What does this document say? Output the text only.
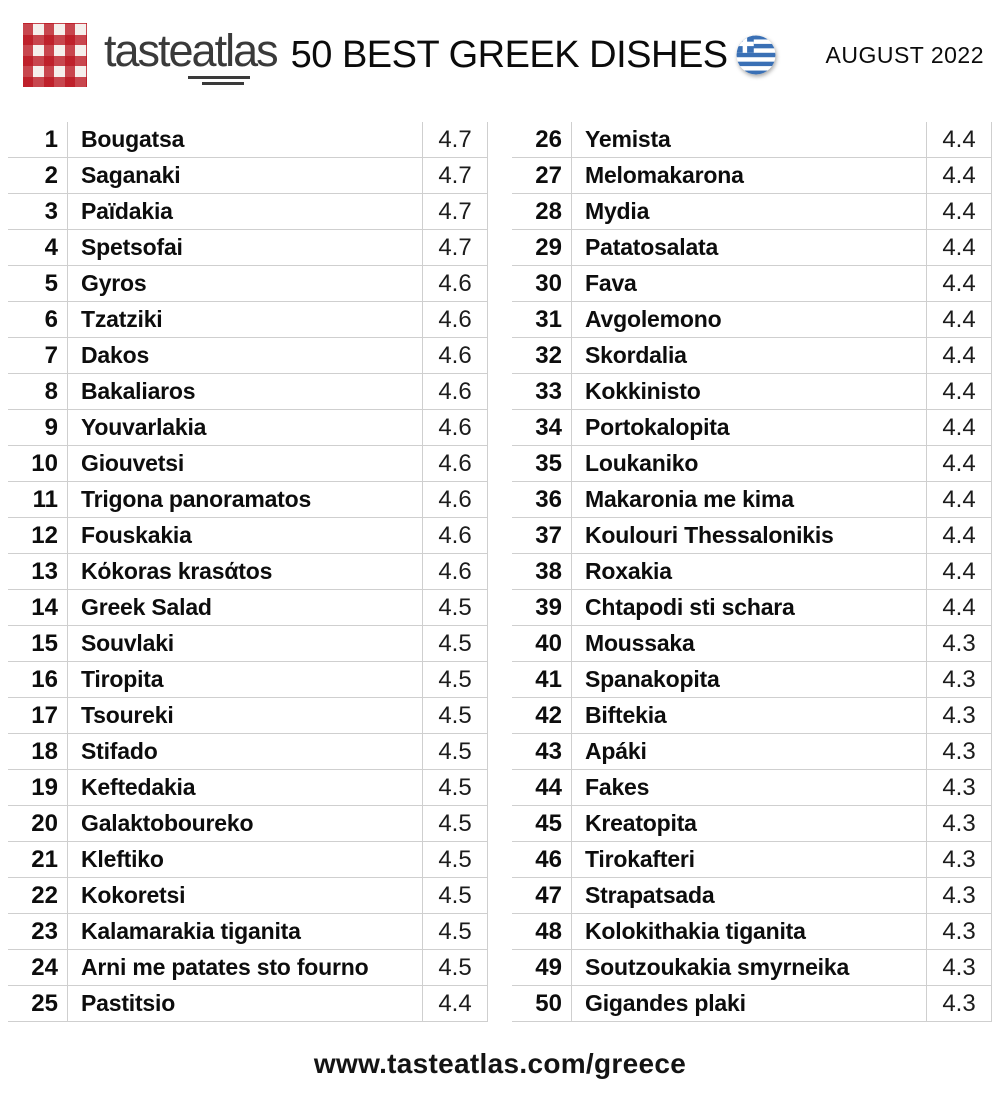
tasteatlas 50 BEST GREEK DISHES	AUGUST 2022
1	Bougatsa	4.7
2	Saganaki	4.7
3	Païdakia	4.7
4	Spetsofai	4.7
5	Gyros	4.6
6	Tzatziki	4.6
7	Dakos	4.6
8	Bakaliaros	4.6
9	Youvarlakia	4.6
10	Giouvetsi	4.6
11	Trigona panoramatos	4.6
12	Fouskakia	4.6
13	Kόkoras krasάtos	4.6
14	Greek Salad	4.5
15	Souvlaki	4.5
16	Tiropita	4.5
17	Tsoureki	4.5
18	Stifado	4.5
19	Keftedakia	4.5
20	Galaktoboureko	4.5
21	Kleftiko	4.5
22	Kokoretsi	4.5
23	Kalamarakia tiganita	4.5
24	Arni me patates sto fourno	4.5
25	Pastitsio	4.4
26	Yemista	4.4
27	Melomakarona	4.4
28	Mydia	4.4
29	Patatosalata	4.4
30	Fava	4.4
31	Avgolemono	4.4
32	Skordalia	4.4
33	Kokkinisto	4.4
34	Portokalopita	4.4
35	Loukaniko	4.4
36	Makaronia me kima	4.4
37	Koulouri Thessalonikis	4.4
38	Roxakia	4.4
39	Chtapodi sti schara	4.4
40	Moussaka	4.3
41	Spanakopita	4.3
42	Biftekia	4.3
43	Apáki	4.3
44	Fakes	4.3
45	Kreatopita	4.3
46	Tirokafteri	4.3
47	Strapatsada	4.3
48	Kolokithakia tiganita	4.3
49	Soutzoukakia smyrneika	4.3
50	Gigandes plaki	4.3
www.tasteatlas.com/greece
